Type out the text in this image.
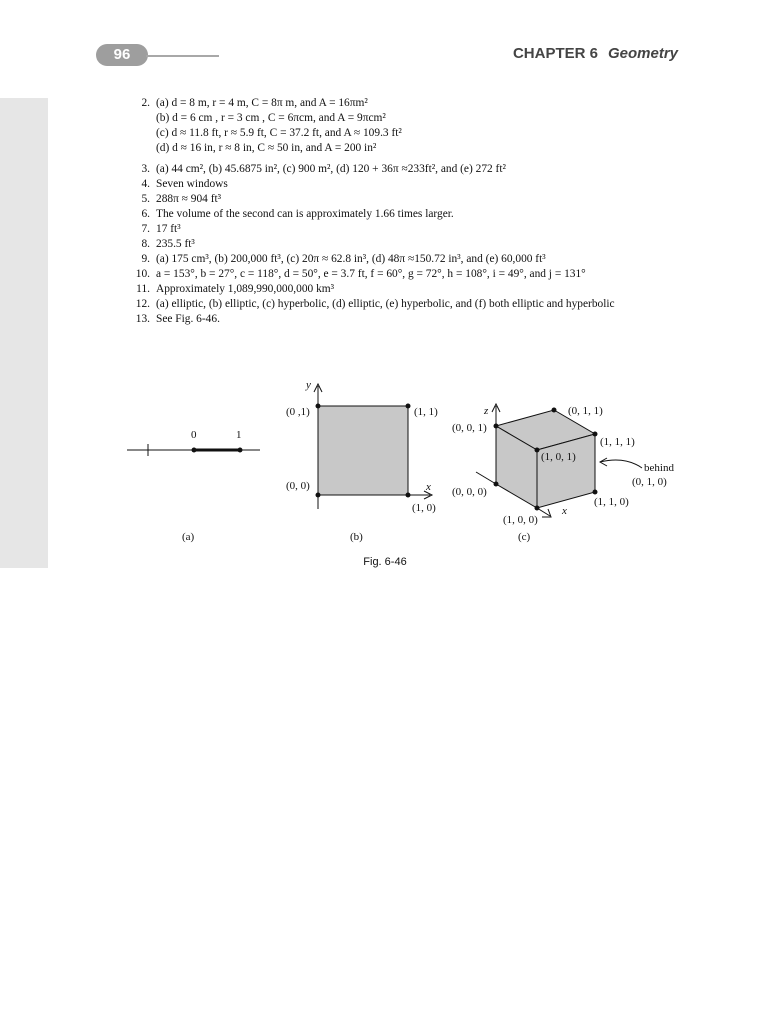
96	CHAPTER 6 Geometry
2. (a) d = 8 m, r = 4 m, C = 8π m, and A = 16πm²
(b) d = 6 cm , r = 3 cm , C = 6πcm, and A = 9πcm²
(c) d ≈ 11.8 ft, r ≈ 5.9 ft, C = 37.2 ft, and A ≈ 109.3 ft²
(d) d ≈ 16 in, r ≈ 8 in, C ≈ 50 in, and A = 200 in²
3. (a) 44 cm², (b) 45.6875 in², (c) 900 m², (d) 120 + 36π ≈233ft², and (e) 272 ft²
4. Seven windows
5. 288π ≈ 904 ft³
6. The volume of the second can is approximately 1.66 times larger.
7. 17 ft³
8. 235.5 ft³
9. (a) 175 cm³, (b) 200,000 ft³, (c) 20π ≈ 62.8 in³, (d) 48π ≈150.72 in³, and (e) 60,000 ft³
10. a = 153°, b = 27°, c = 118°, d = 50°, e = 3.7 ft, f = 60°, g = 72°, h = 108°, i = 49°, and j = 131°
11. Approximately 1,089,990,000,000 km³
12. (a) elliptic, (b) elliptic, (c) hyperbolic, (d) elliptic, (e) hyperbolic, and (f) both elliptic and hyperbolic
13. See Fig. 6-46.
0	1
(a)
y
x
(0 ,1)	(1, 1)
(0, 0)
(1, 0)
(b)
z
x
(0, 1, 1)
(0, 0, 1)
(1, 1, 1)
(1, 0, 1)
behind
(0, 1, 0)
(0, 0, 0)
(1, 1, 0)
(1, 0, 0)
(c)
Fig. 6-46
